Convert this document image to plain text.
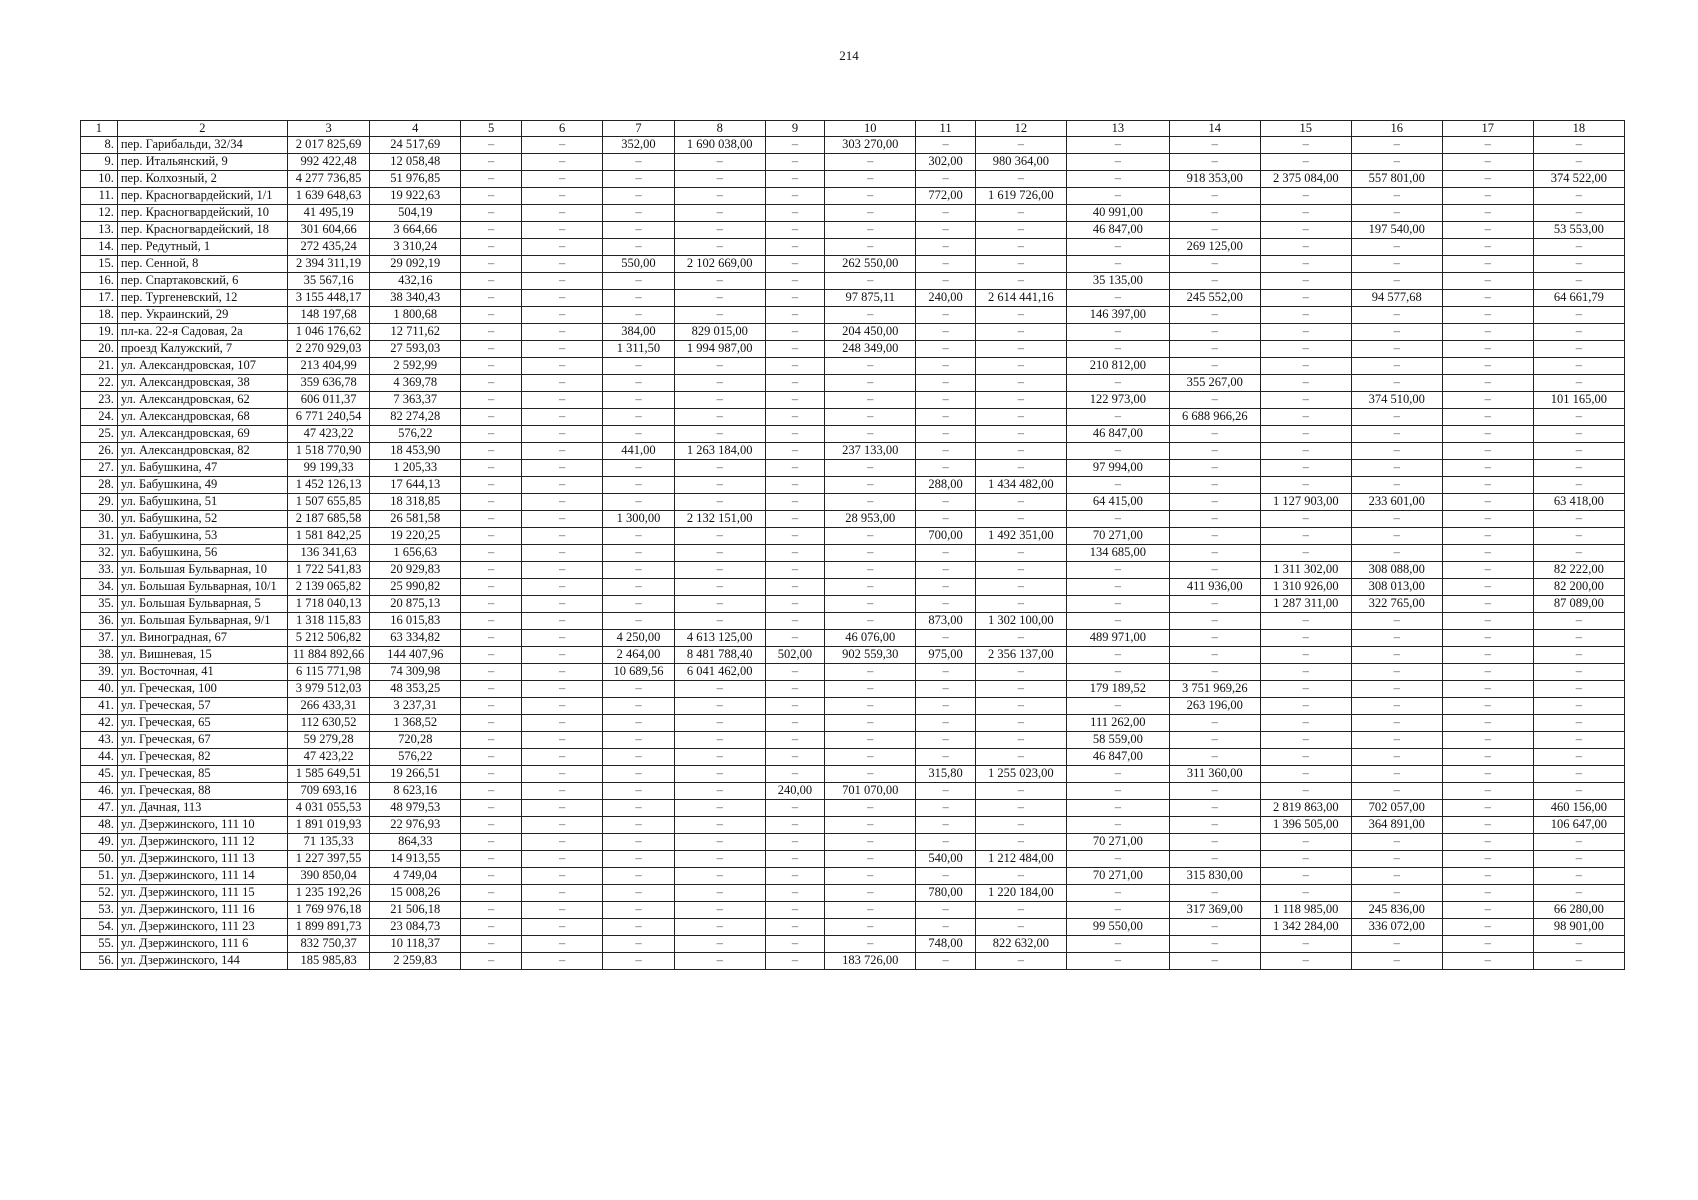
214
1	2	3	4	5	6	7	8	9	10	11	12	13	14	15	16	17	18
8.	пер. Гарибальди, 32/34	2 017 825,69	24 517,69	–	–	352,00	1 690 038,00	–	303 270,00	–	–	–	–	–	–	–	–
9.	пер. Итальянский, 9	992 422,48	12 058,48	–	–	–	–	–	–	302,00	980 364,00	–	–	–	–	–	–
10.	пер. Колхозный, 2	4 277 736,85	51 976,85	–	–	–	–	–	–	–	–	–	918 353,00	2 375 084,00	557 801,00	–	374 522,00
11.	пер. Красногвардейский, 1/1	1 639 648,63	19 922,63	–	–	–	–	–	–	772,00	1 619 726,00	–	–	–	–	–	–
12.	пер. Красногвардейский, 10	41 495,19	504,19	–	–	–	–	–	–	–	–	40 991,00	–	–	–	–	–
13.	пер. Красногвардейский, 18	301 604,66	3 664,66	–	–	–	–	–	–	–	–	46 847,00	–	–	197 540,00	–	53 553,00
14.	пер. Редутный, 1	272 435,24	3 310,24	–	–	–	–	–	–	–	–	–	269 125,00	–	–	–	–
15.	пер. Сенной, 8	2 394 311,19	29 092,19	–	–	550,00	2 102 669,00	–	262 550,00	–	–	–	–	–	–	–	–
16.	пер. Спартаковский, 6	35 567,16	432,16	–	–	–	–	–	–	–	–	35 135,00	–	–	–	–	–
17.	пер. Тургеневский, 12	3 155 448,17	38 340,43	–	–	–	–	–	97 875,11	240,00	2 614 441,16	–	245 552,00	–	94 577,68	–	64 661,79
18.	пер. Украинский, 29	148 197,68	1 800,68	–	–	–	–	–	–	–	–	146 397,00	–	–	–	–	–
19.	пл-ка. 22-я Садовая, 2а	1 046 176,62	12 711,62	–	–	384,00	829 015,00	–	204 450,00	–	–	–	–	–	–	–	–
20.	проезд Калужский, 7	2 270 929,03	27 593,03	–	–	1 311,50	1 994 987,00	–	248 349,00	–	–	–	–	–	–	–	–
21.	ул. Александровская, 107	213 404,99	2 592,99	–	–	–	–	–	–	–	–	210 812,00	–	–	–	–	–
22.	ул. Александровская, 38	359 636,78	4 369,78	–	–	–	–	–	–	–	–	–	355 267,00	–	–	–	–
23.	ул. Александровская, 62	606 011,37	7 363,37	–	–	–	–	–	–	–	–	122 973,00	–	–	374 510,00	–	101 165,00
24.	ул. Александровская, 68	6 771 240,54	82 274,28	–	–	–	–	–	–	–	–	–	6 688 966,26	–	–	–	–
25.	ул. Александровская, 69	47 423,22	576,22	–	–	–	–	–	–	–	–	46 847,00	–	–	–	–	–
26.	ул. Александровская, 82	1 518 770,90	18 453,90	–	–	441,00	1 263 184,00	–	237 133,00	–	–	–	–	–	–	–	–
27.	ул. Бабушкина, 47	99 199,33	1 205,33	–	–	–	–	–	–	–	–	97 994,00	–	–	–	–	–
28.	ул. Бабушкина, 49	1 452 126,13	17 644,13	–	–	–	–	–	–	288,00	1 434 482,00	–	–	–	–	–	–
29.	ул. Бабушкина, 51	1 507 655,85	18 318,85	–	–	–	–	–	–	–	–	64 415,00	–	1 127 903,00	233 601,00	–	63 418,00
30.	ул. Бабушкина, 52	2 187 685,58	26 581,58	–	–	1 300,00	2 132 151,00	–	28 953,00	–	–	–	–	–	–	–	–
31.	ул. Бабушкина, 53	1 581 842,25	19 220,25	–	–	–	–	–	–	700,00	1 492 351,00	70 271,00	–	–	–	–	–
32.	ул. Бабушкина, 56	136 341,63	1 656,63	–	–	–	–	–	–	–	–	134 685,00	–	–	–	–	–
33.	ул. Большая Бульварная, 10	1 722 541,83	20 929,83	–	–	–	–	–	–	–	–	–	–	1 311 302,00	308 088,00	–	82 222,00
34.	ул. Большая Бульварная, 10/1	2 139 065,82	25 990,82	–	–	–	–	–	–	–	–	–	411 936,00	1 310 926,00	308 013,00	–	82 200,00
35.	ул. Большая Бульварная, 5	1 718 040,13	20 875,13	–	–	–	–	–	–	–	–	–	–	1 287 311,00	322 765,00	–	87 089,00
36.	ул. Большая Бульварная, 9/1	1 318 115,83	16 015,83	–	–	–	–	–	–	873,00	1 302 100,00	–	–	–	–	–	–
37.	ул. Виноградная, 67	5 212 506,82	63 334,82	–	–	4 250,00	4 613 125,00	–	46 076,00	–	–	489 971,00	–	–	–	–	–
38.	ул. Вишневая, 15	11 884 892,66	144 407,96	–	–	2 464,00	8 481 788,40	502,00	902 559,30	975,00	2 356 137,00	–	–	–	–	–	–
39.	ул. Восточная, 41	6 115 771,98	74 309,98	–	–	10 689,56	6 041 462,00	–	–	–	–	–	–	–	–	–	–
40.	ул. Греческая, 100	3 979 512,03	48 353,25	–	–	–	–	–	–	–	–	179 189,52	3 751 969,26	–	–	–	–
41.	ул. Греческая, 57	266 433,31	3 237,31	–	–	–	–	–	–	–	–	–	263 196,00	–	–	–	–
42.	ул. Греческая, 65	112 630,52	1 368,52	–	–	–	–	–	–	–	–	111 262,00	–	–	–	–	–
43.	ул. Греческая, 67	59 279,28	720,28	–	–	–	–	–	–	–	–	58 559,00	–	–	–	–	–
44.	ул. Греческая, 82	47 423,22	576,22	–	–	–	–	–	–	–	–	46 847,00	–	–	–	–	–
45.	ул. Греческая, 85	1 585 649,51	19 266,51	–	–	–	–	–	–	315,80	1 255 023,00	–	311 360,00	–	–	–	–
46.	ул. Греческая, 88	709 693,16	8 623,16	–	–	–	–	240,00	701 070,00	–	–	–	–	–	–	–	–
47.	ул. Дачная, 113	4 031 055,53	48 979,53	–	–	–	–	–	–	–	–	–	–	2 819 863,00	702 057,00	–	460 156,00
48.	ул. Дзержинского, 111 10	1 891 019,93	22 976,93	–	–	–	–	–	–	–	–	–	–	1 396 505,00	364 891,00	–	106 647,00
49.	ул. Дзержинского, 111 12	71 135,33	864,33	–	–	–	–	–	–	–	–	70 271,00	–	–	–	–	–
50.	ул. Дзержинского, 111 13	1 227 397,55	14 913,55	–	–	–	–	–	–	540,00	1 212 484,00	–	–	–	–	–	–
51.	ул. Дзержинского, 111 14	390 850,04	4 749,04	–	–	–	–	–	–	–	–	70 271,00	315 830,00	–	–	–	–
52.	ул. Дзержинского, 111 15	1 235 192,26	15 008,26	–	–	–	–	–	–	780,00	1 220 184,00	–	–	–	–	–	–
53.	ул. Дзержинского, 111 16	1 769 976,18	21 506,18	–	–	–	–	–	–	–	–	–	317 369,00	1 118 985,00	245 836,00	–	66 280,00
54.	ул. Дзержинского, 111 23	1 899 891,73	23 084,73	–	–	–	–	–	–	–	–	99 550,00	–	1 342 284,00	336 072,00	–	98 901,00
55.	ул. Дзержинского, 111 6	832 750,37	10 118,37	–	–	–	–	–	–	748,00	822 632,00	–	–	–	–	–	–
56.	ул. Дзержинского, 144	185 985,83	2 259,83	–	–	–	–	–	183 726,00	–	–	–	–	–	–	–	–
